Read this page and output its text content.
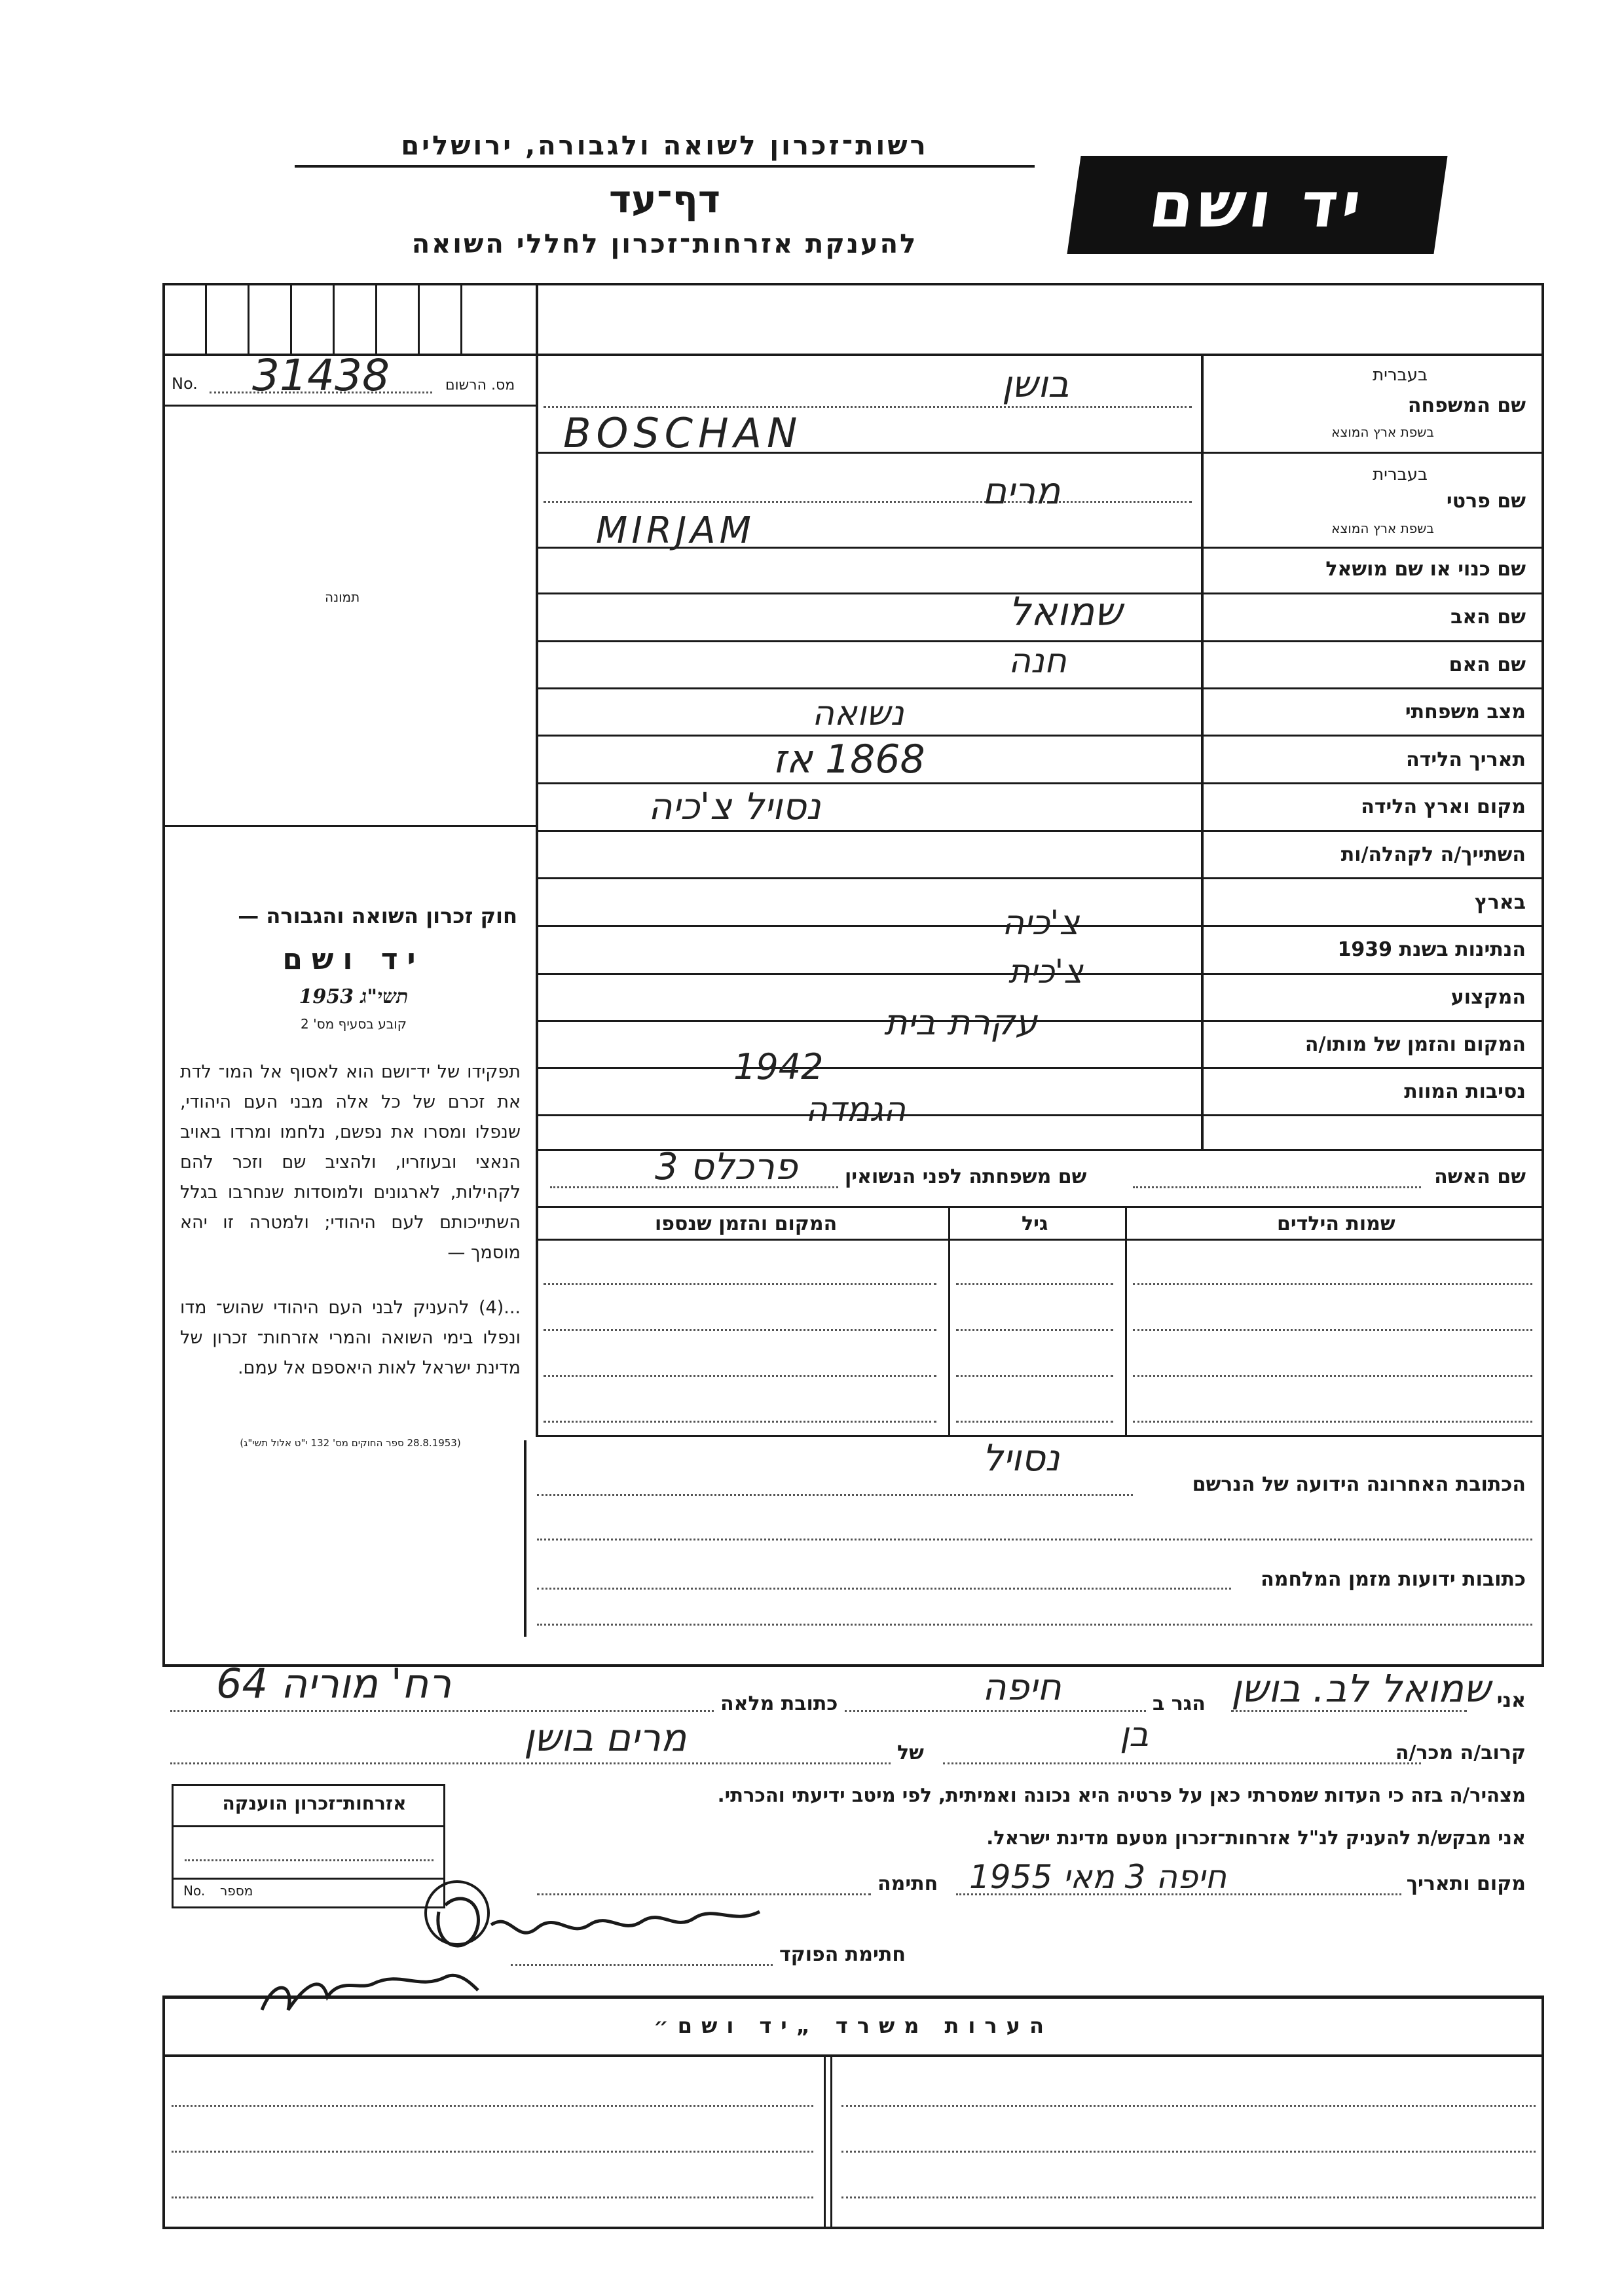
רשות־זכרון לשואה ולגבורה, ירושלים
דף־עד
להענקת אזרחות־זכרון לחללי השואה
יד ושם
No. 31438	מס. הרשום
תמונה
חוק זכרון השואה והגבורה —
יד ושם
תשי"ג 1953
קובע בסעיף מס' 2
תפקידו של יד־ושם הוא לאסוף אל המו־ לדת את זכרם של כל אלה מבני העם היהודי, שנפלו ומסרו את נפשם, נלחמו ומרדו באויב הנאצי ובעוזריו, ולהציב שם וזכר להם לקהילות, לארגונים ולמוסדות שנחרבו בגלל השתייכותם לעם היהודי; ולמטרה זו יהא מוסמך —
...(4) להעניק לבני העם היהודי שהוש־ מדו ונפלו בימי השואה והמרי אזרחות־ זכרון של מדינת ישראל לאות היאספם אל עמם.
(28.8.1953 ספר החוקים מס' 132 י"ט אלול תשי"ג)
שם המשפחה
בעברית
בשפת ארץ המוצא
בושן
BOSCHAN
שם פרטי
בעברית
בשפת ארץ המוצא
מרים
MIRJAM
שם כנוי או שם מושאל
שם האב
שמואל
שם האם
חנה
מצב משפחתי
נשואה
תאריך הלידה
1868 אז
מקום וארץ הלידה
נסויל צ'כיה
השתייך/ה לקהלה/ות
בארץ
צ'כיה
הנתינות בשנת 1939
צ'כית
המקצוע
עקרת בית
המקום והזמן של מותו/ה
1942
נסיבות המוות
הגמדה
שם האשה
שם משפחתה לפני הנשואין
פרכלס 3
שמות הילדים
גיל
המקום והזמן שנספו
הכתובת האחרונה הידועה של הנרשם
נסויל
כתובות ידועות מזמן המלחמה
אני
שמואל לב. בושן
הגר ב
חיפה
כתובת מלאה
רח' מוריה 64
קרוב/ה מכר/ה
בן
של
מרים בושן
מצהיר/ה בזה כי העדות שמסרתי כאן על פרטיה היא נכונה ואמיתית, לפי מיטב ידיעתי והכרתי.
אזרחות־זכרון הוענקה
No. מספר
אני מבקש/ת להעניק לנ"ל אזרחות־זכרון מטעם מדינת ישראל.
מקום ותאריך
חיפה 3 מאי 1955
חתימה
חתימת הפוקד
הערות משרד „יד ושם״
